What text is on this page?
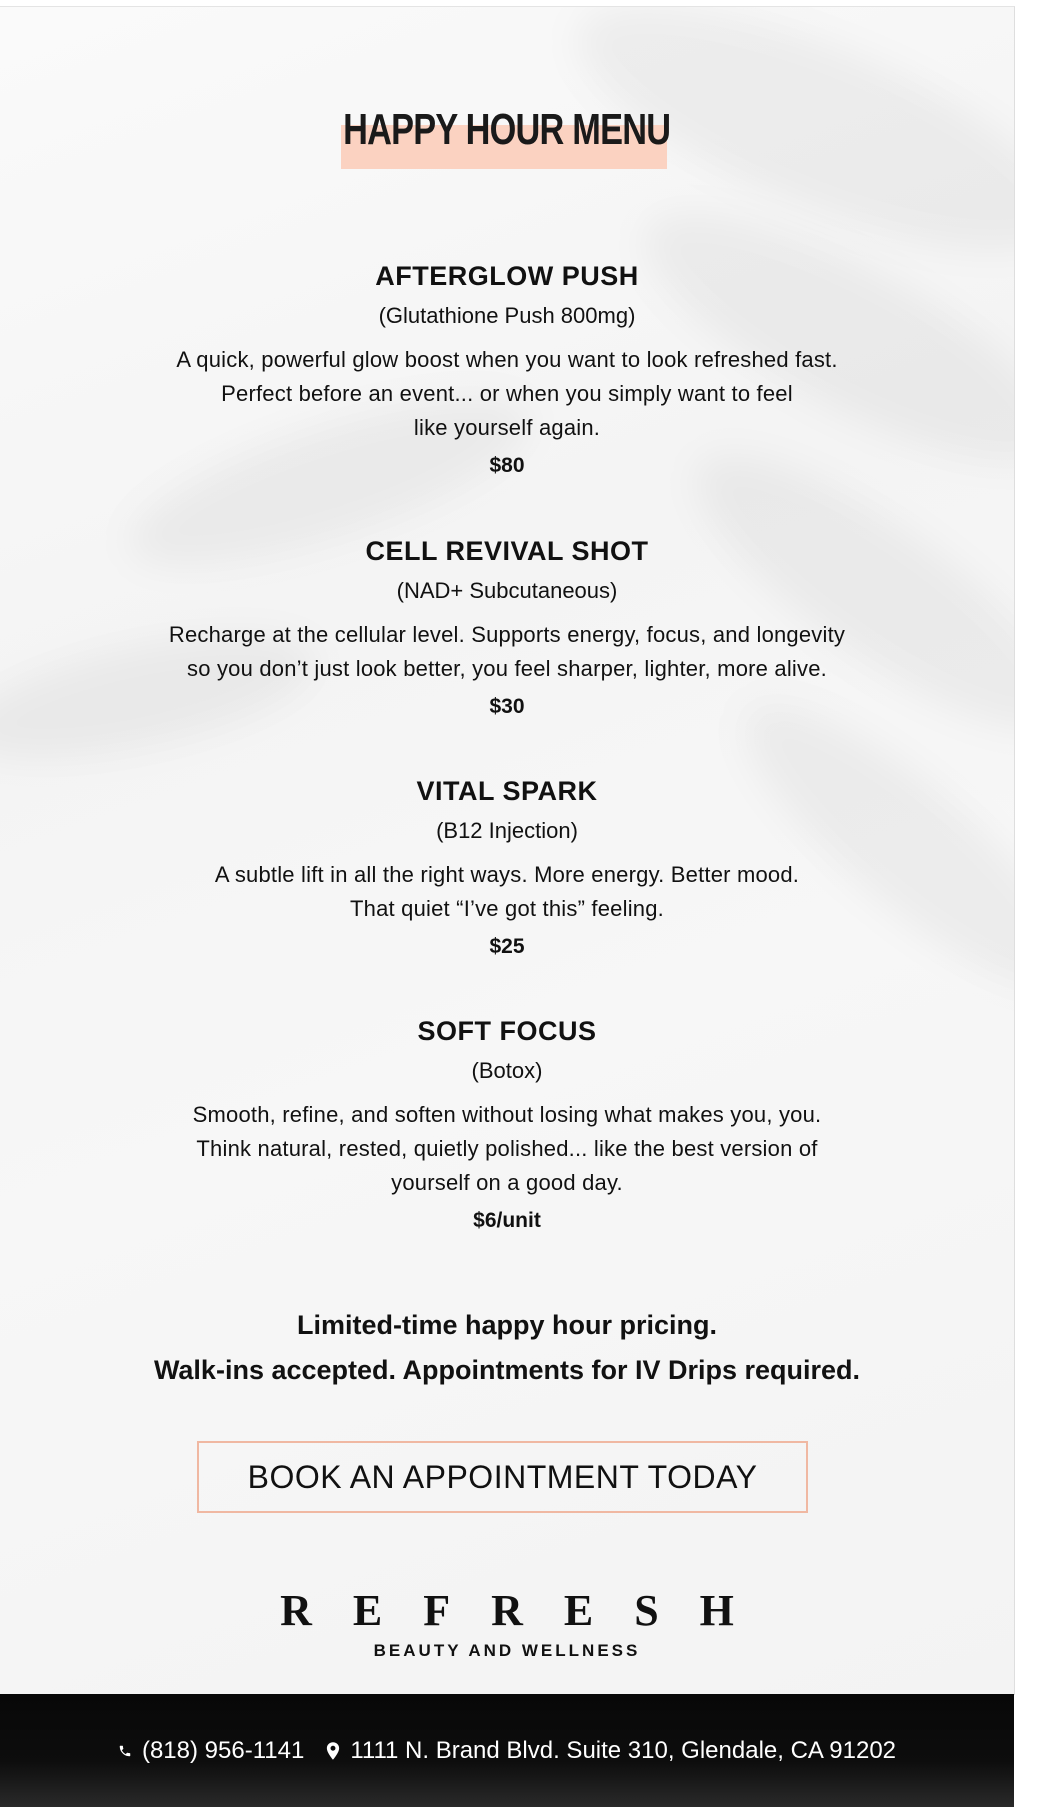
HAPPY HOUR MENU

AFTERGLOW PUSH

(Glutathione Push 800mg)

A quick, powerful glow boost when you want to look refreshed fast.
Perfect before an event... or when you simply want to feel
like yourself again.

$80

CELL REVIVAL SHOT

(NAD+ Subcutaneous)

Recharge at the cellular level. Supports energy, focus, and longevity
so you don’t just look better, you feel sharper, lighter, more alive.

$30

VITAL SPARK

(B12 Injection)

A subtle lift in all the right ways. More energy. Better mood.
That quiet “I’ve got this” feeling.

$25

SOFT FOCUS

(Botox)

Smooth, refine, and soften without losing what makes you, you.
Think natural, rested, quietly polished... like the best version of
yourself on a good day.

$6/unit

Limited-time happy hour pricing.
Walk-ins accepted. Appointments for IV Drips required.
BOOK AN APPOINTMENT TODAY
REFRESH
BEAUTY AND WELLNESS
(818) 956-1141 1111 N. Brand Blvd. Suite 310, Glendale, CA 91202
